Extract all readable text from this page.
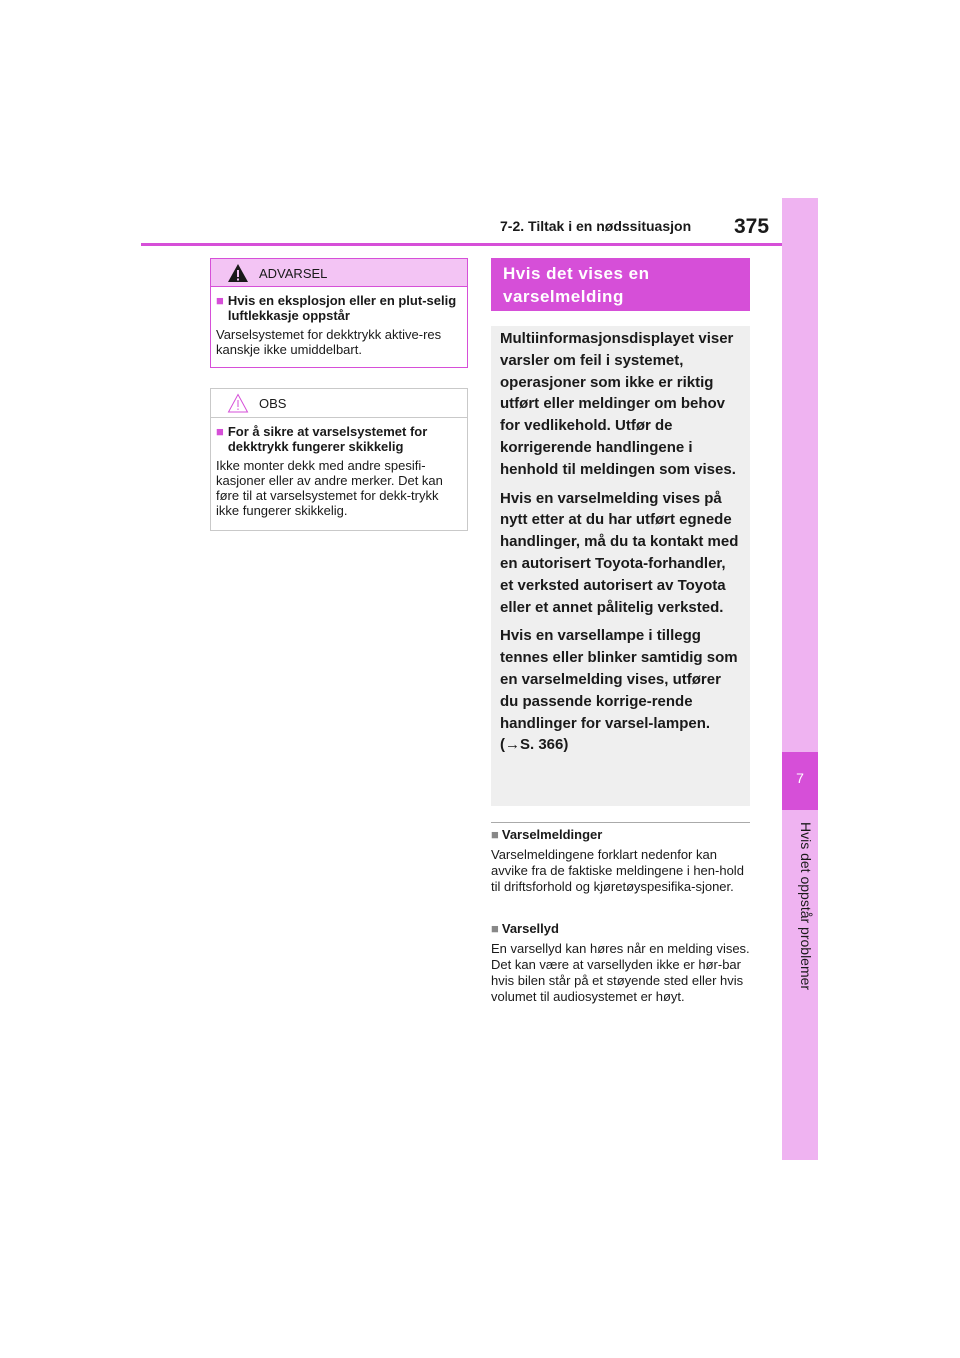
7
Hvis det oppstår problemer
7-2. Tiltak i en nødssituasjon 375
ADVARSEL
■ Hvis en eksplosjon eller en plut-selig luftlekkasje oppstår

Varselsystemet for dekktrykk aktive-res kanskje ikke umiddelbart.

OBS
■ For å sikre at varselsystemet for dekktrykk fungerer skikkelig

Ikke monter dekk med andre spesifi-kasjoner eller av andre merker. Det kan føre til at varselsystemet for dekk-trykk ikke fungerer skikkelig.

Hvis det vises en varselmelding

Multiinformasjonsdisplayet viser varsler om feil i systemet, operasjoner som ikke er riktig utført eller meldinger om behov for vedlikehold. Utfør de korrigerende handlingene i henhold til meldingen som vises.

Hvis en varselmelding vises på nytt etter at du har utført egnede handlinger, må du ta kontakt med en autorisert Toyota-forhandler, et verksted autorisert av Toyota eller et annet pålitelig verksted.

Hvis en varsellampe i tillegg tennes eller blinker samtidig som en varselmelding vises, utfører du passende korrige-rende handlinger for varsel-lampen. (→S. 366)

■ Varselmeldinger

Varselmeldingene forklart nedenfor kan avvike fra de faktiske meldingene i hen-hold til driftsforhold og kjøretøyspesifika-sjoner.

■ Varsellyd

En varsellyd kan høres når en melding vises. Det kan være at varsellyden ikke er hør-bar hvis bilen står på et støyende sted eller hvis volumet til audiosystemet er høyt.
